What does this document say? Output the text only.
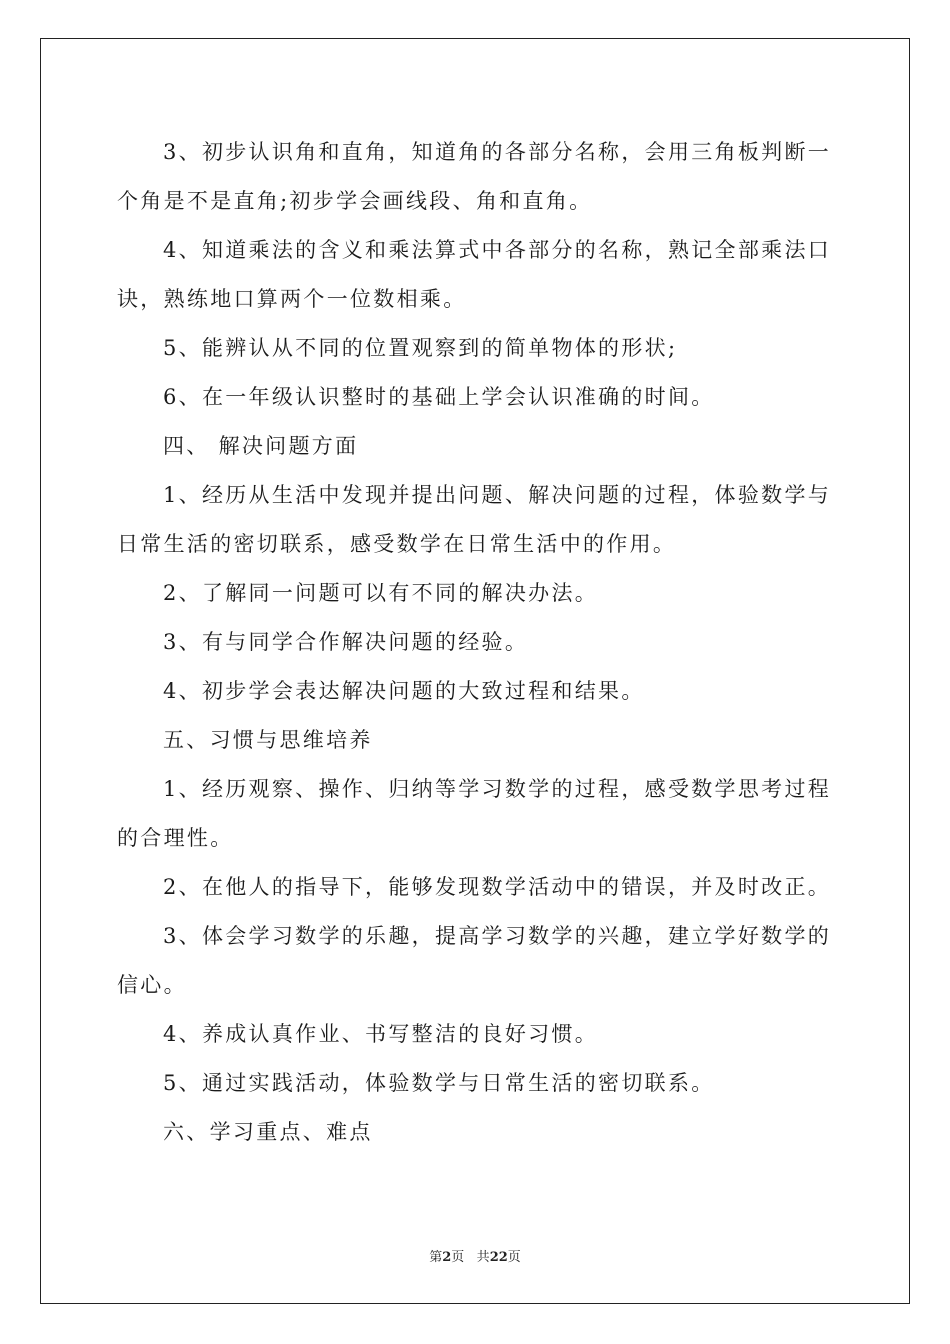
3、初步认识角和直角，知道角的各部分名称，会用三角板判断一个角是不是直角;初步学会画线段、角和直角。

4、知道乘法的含义和乘法算式中各部分的名称，熟记全部乘法口诀，熟练地口算两个一位数相乘。

5、能辨认从不同的位置观察到的简单物体的形状;

6、在一年级认识整时的基础上学会认识准确的时间。

四、 解决问题方面

1、经历从生活中发现并提出问题、解决问题的过程，体验数学与日常生活的密切联系，感受数学在日常生活中的作用。

2、了解同一问题可以有不同的解决办法。

3、有与同学合作解决问题的经验。

4、初步学会表达解决问题的大致过程和结果。

五、习惯与思维培养

1、经历观察、操作、归纳等学习数学的过程，感受数学思考过程的合理性。

2、在他人的指导下，能够发现数学活动中的错误，并及时改正。

3、体会学习数学的乐趣，提高学习数学的兴趣，建立学好数学的信心。

4、养成认真作业、书写整洁的良好习惯。

5、通过实践活动，体验数学与日常生活的密切联系。

六、学习重点、难点

第2页 共22页
